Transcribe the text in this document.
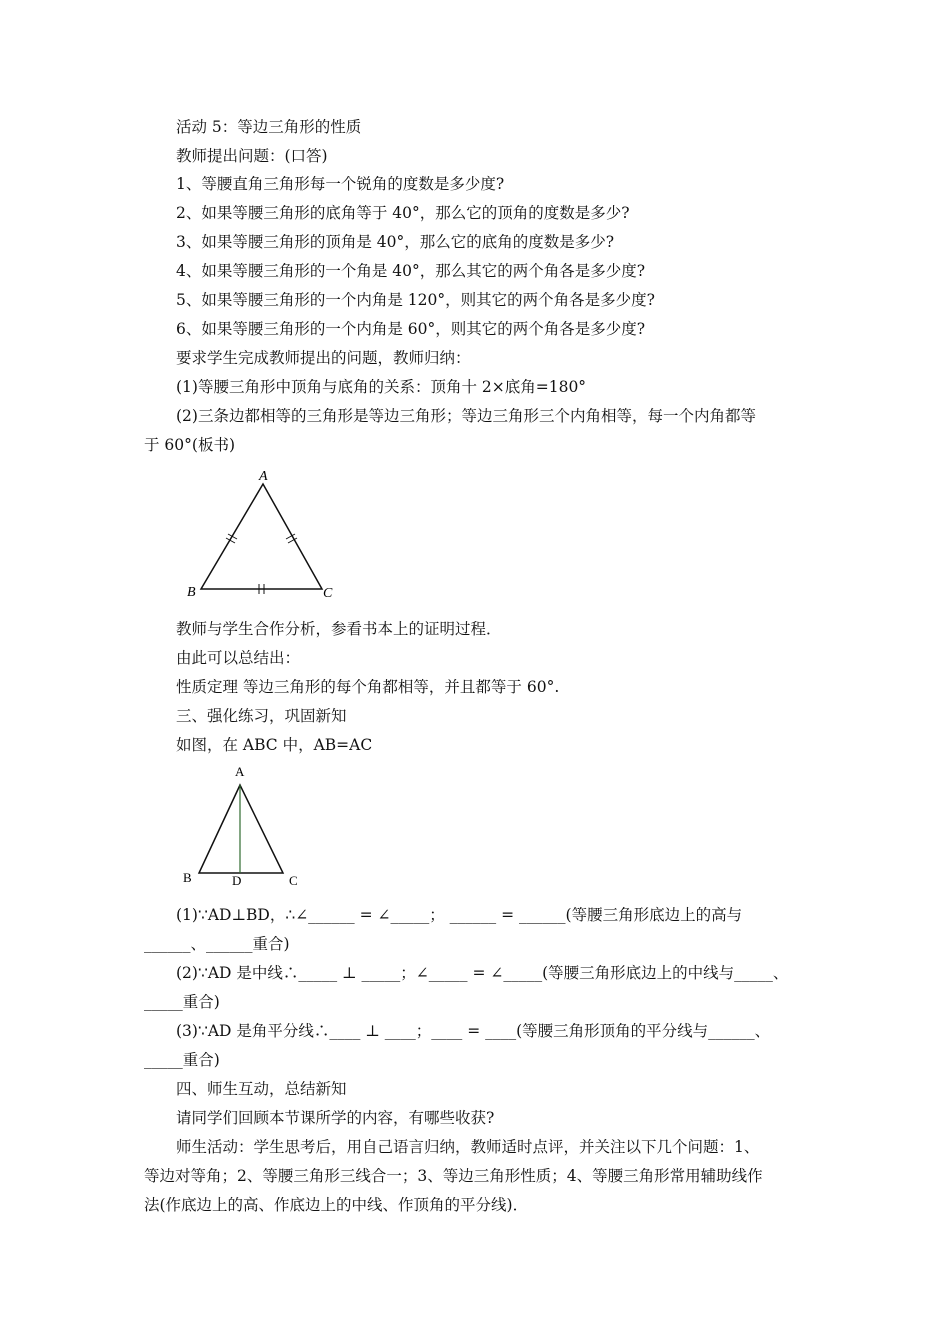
活动 5：等边三角形的性质
教师提出问题：(口答)
1、等腰直角三角形每一个锐角的度数是多少度?
2、如果等腰三角形的底角等于 40°，那么它的顶角的度数是多少?
3、如果等腰三角形的顶角是 40°，那么它的底角的度数是多少?
4、如果等腰三角形的一个角是 40°，那么其它的两个角各是多少度?
5、如果等腰三角形的一个内角是 120°，则其它的两个角各是多少度?
6、如果等腰三角形的一个内角是 60°，则其它的两个角各是多少度?
要求学生完成教师提出的问题，教师归纳：
(1)等腰三角形中顶角与底角的关系：顶角十 2×底角=180°
(2)三条边都相等的三角形是等边三角形；等边三角形三个内角相等，每一个内角都等
于 60°(板书)
A
B	C
教师与学生合作分析，参看书本上的证明过程．
由此可以总结出：
性质定理 等边三角形的每个角都相等，并且都等于 60°.
三、强化练习，巩固新知
如图，在 ABC 中，AB=AC
A
B	D	C
(1)∵AD⊥BD，∴∠______ = ∠_____； ______ = ______(等腰三角形底边上的高与
______、______重合)
(2)∵AD 是中线∴_____ ⊥ _____；∠_____ = ∠_____(等腰三角形底边上的中线与_____、
_____重合)
(3)∵AD 是角平分线∴____ ⊥ ____；____ = ____(等腰三角形顶角的平分线与______、
_____重合)
四、师生互动，总结新知
请同学们回顾本节课所学的内容，有哪些收获?
师生活动：学生思考后，用自己语言归纳，教师适时点评，并关注以下几个问题：1、
等边对等角；2、等腰三角形三线合一；3、等边三角形性质；4、等腰三角形常用辅助线作
法(作底边上的高、作底边上的中线、作顶角的平分线)．
